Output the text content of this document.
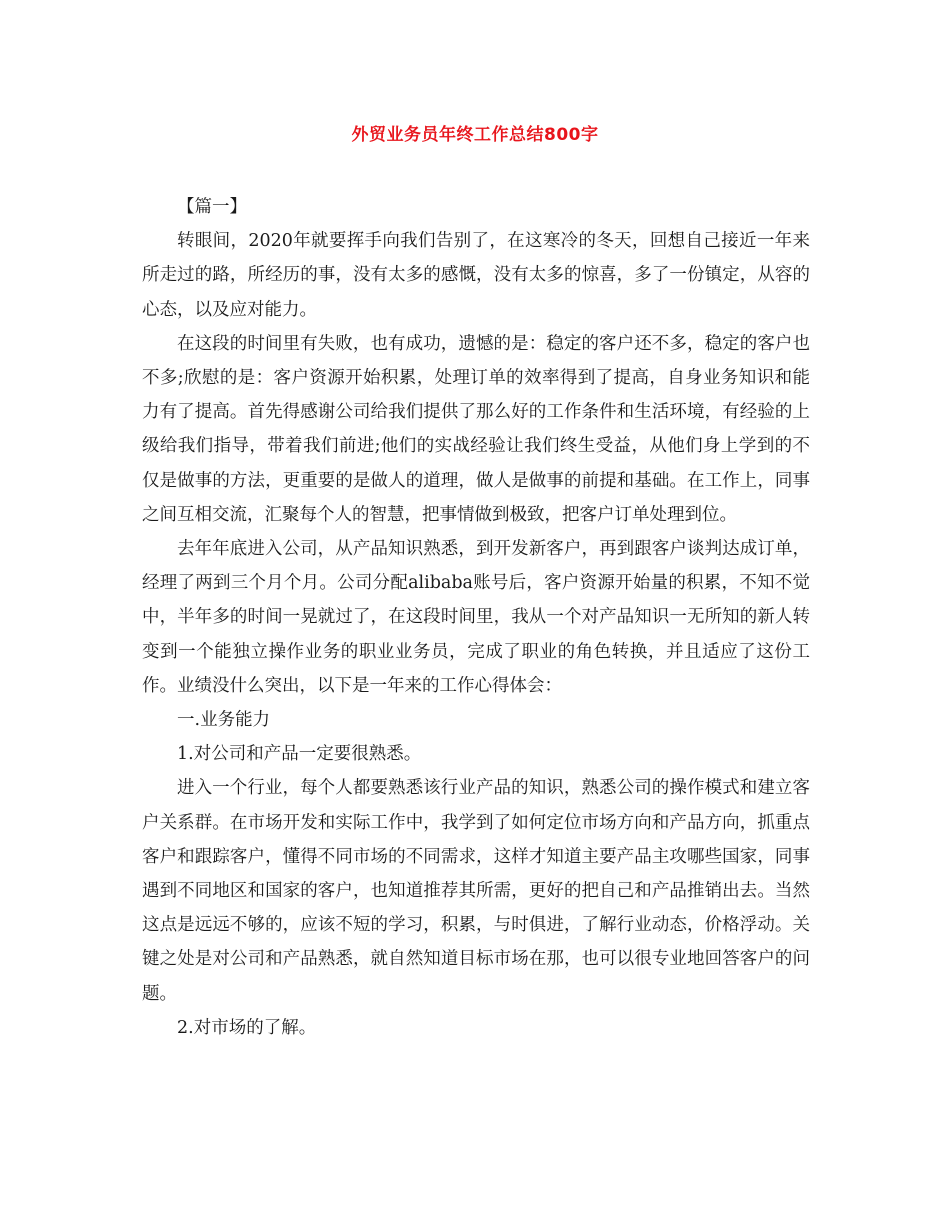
外贸业务员年终工作总结800字

【篇一】

转眼间，2020年就要挥手向我们告别了，在这寒冷的冬天，回想自己接近一年来所走过的路，所经历的事，没有太多的感慨，没有太多的惊喜，多了一份镇定，从容的心态，以及应对能力。

在这段的时间里有失败，也有成功，遗憾的是：稳定的客户还不多，稳定的客户也不多;欣慰的是：客户资源开始积累，处理订单的效率得到了提高，自身业务知识和能力有了提高。首先得感谢公司给我们提供了那么好的工作条件和生活环境，有经验的上级给我们指导，带着我们前进;他们的实战经验让我们终生受益，从他们身上学到的不仅是做事的方法，更重要的是做人的道理，做人是做事的前提和基础。在工作上，同事之间互相交流，汇聚每个人的智慧，把事情做到极致，把客户订单处理到位。

去年年底进入公司，从产品知识熟悉，到开发新客户，再到跟客户谈判达成订单，经理了两到三个月个月。公司分配alibaba账号后，客户资源开始量的积累，不知不觉中，半年多的时间一晃就过了，在这段时间里，我从一个对产品知识一无所知的新人转变到一个能独立操作业务的职业业务员，完成了职业的角色转换，并且适应了这份工作。业绩没什么突出，以下是一年来的工作心得体会：

一.业务能力

1.对公司和产品一定要很熟悉。

进入一个行业，每个人都要熟悉该行业产品的知识，熟悉公司的操作模式和建立客户关系群。在市场开发和实际工作中，我学到了如何定位市场方向和产品方向，抓重点客户和跟踪客户，懂得不同市场的不同需求，这样才知道主要产品主攻哪些国家，同事遇到不同地区和国家的客户，也知道推荐其所需，更好的把自己和产品推销出去。当然这点是远远不够的，应该不短的学习，积累，与时俱进，了解行业动态，价格浮动。关键之处是对公司和产品熟悉，就自然知道目标市场在那，也可以很专业地回答客户的问题。

2.对市场的了解。
